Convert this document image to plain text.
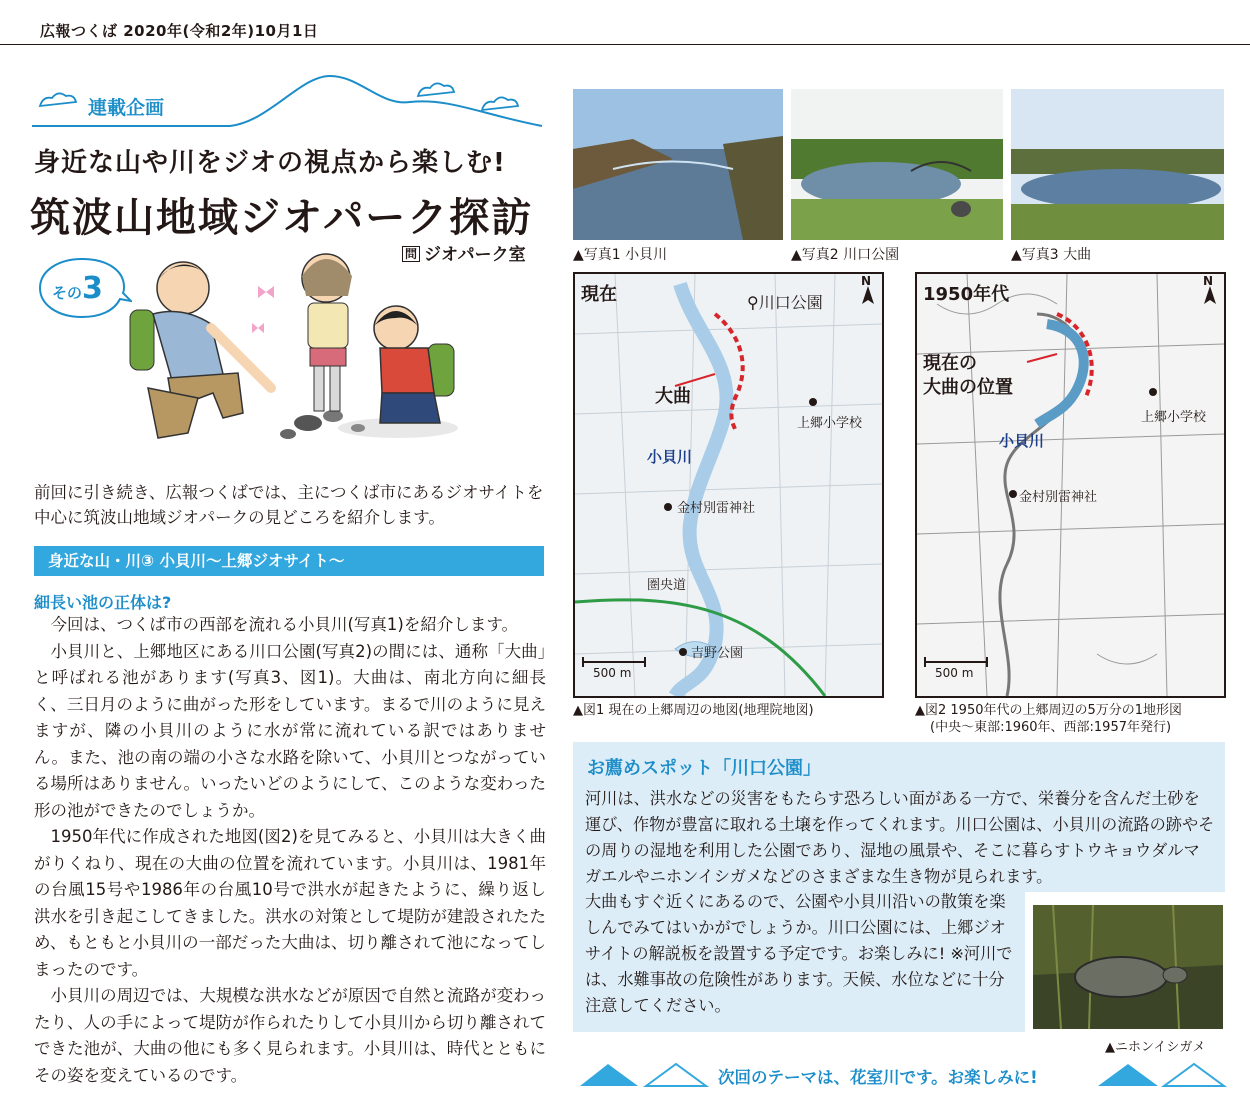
広報つくば 2020年(令和2年)10月1日
連載企画
身近な山や川をジオの視点から楽しむ!
筑波山地域ジオパーク探訪
問 ジオパーク室
その3
前回に引き続き、広報つくばでは、主につくば市にあるジオサイトを中心に筑波山地域ジオパークの見どころを紹介します。
身近な山・川③ 小貝川〜上郷ジオサイト〜
細長い池の正体は?

今回は、つくば市の西部を流れる小貝川(写真1)を紹介します。

小貝川と、上郷地区にある川口公園(写真2)の間には、通称「大曲」と呼ばれる池があります(写真3、図1)。大曲は、南北方向に細長く、三日月のように曲がった形をしています。まるで川のように見えますが、隣の小貝川のように水が常に流れている訳ではありません。また、池の南の端の小さな水路を除いて、小貝川とつながっている場所はありません。いったいどのようにして、このような変わった形の池ができたのでしょうか。

1950年代に作成された地図(図2)を見てみると、小貝川は大きく曲がりくねり、現在の大曲の位置を流れています。小貝川は、1981年の台風15号や1986年の台風10号で洪水が起きたように、繰り返し洪水を引き起こしてきました。洪水の対策として堤防が建設されたため、もともと小貝川の一部だった大曲は、切り離されて池になってしまったのです。

小貝川の周辺では、大規模な洪水などが原因で自然と流路が変わったり、人の手によって堤防が作られたりして小貝川から切り離されてできた池が、大曲の他にも多く見られます。小貝川は、時代とともにその姿を変えているのです。

▲写真1 小貝川	▲写真2 川口公園	▲写真3 大曲
現在	⚲川口公園
N
大曲
上郷小学校
金村別雷神社
小貝川
圏央道
吉野公園
500 m
▲図1 現在の上郷周辺の地図(地理院地図)
1950年代
N
現在の
大曲の位置
上郷小学校
金村別雷神社
小貝川
500 m
▲図2 1950年代の上郷周辺の5万分の1地形図
(中央〜東部:1960年、西部:1957年発行)
お薦めスポット「川口公園」
河川は、洪水などの災害をもたらす恐ろしい面がある一方で、栄養分を含んだ土砂を運び、作物が豊富に取れる土壌を作ってくれます。川口公園は、小貝川の流路の跡やその周りの湿地を利用した公園であり、湿地の風景や、そこに暮らすトウキョウダルマガエルやニホンイシガメなどのさまざまな生き物が見られます。
大曲もすぐ近くにあるので、公園や小貝川沿いの散策を楽しんでみてはいかがでしょうか。川口公園には、上郷ジオサイトの解説板を設置する予定です。お楽しみに! ※河川では、水難事故の危険性があります。天候、水位などに十分注意してください。
▲ニホンイシガメ
次回のテーマは、花室川です。お楽しみに!
